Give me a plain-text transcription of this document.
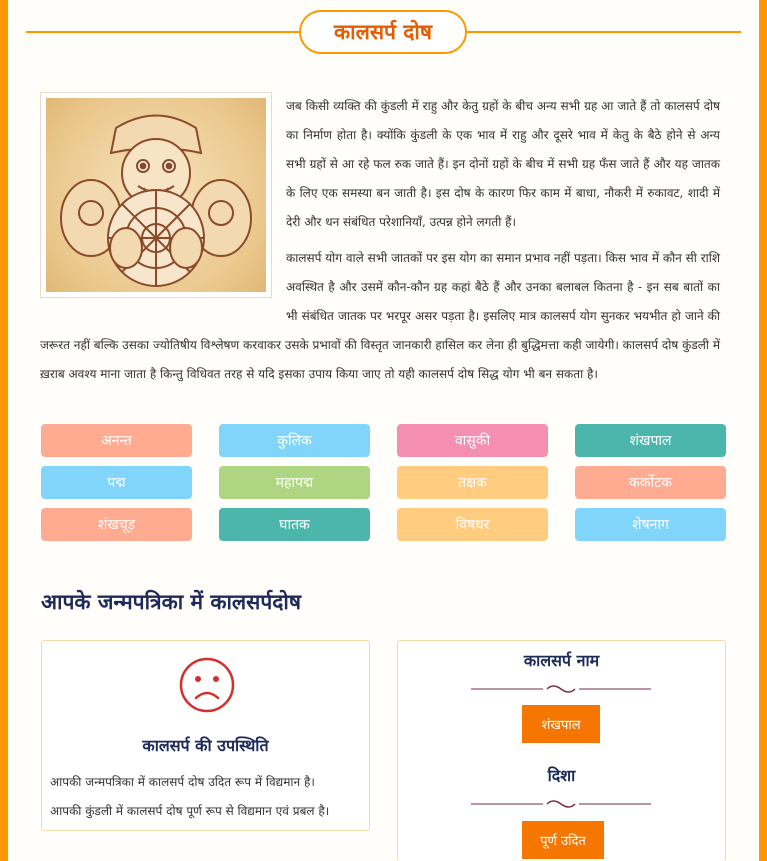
कालसर्प दोष

जब किसी व्यक्ति की कुंडली में राहु और केतु ग्रहों के बीच अन्य सभी ग्रह आ जाते हैं तो कालसर्प दोष का निर्माण होता है। क्योंकि कुंडली के एक भाव में राहु और दूसरे भाव में केतु के बैठे होने से अन्य सभी ग्रहों से आ रहे फल रुक जाते हैं। इन दोनों ग्रहों के बीच में सभी ग्रह फँस जाते हैं और यह जातक के लिए एक समस्या बन जाती है। इस दोष के कारण फिर काम में बाधा, नौकरी में रुकावट, शादी में देरी और धन संबंधित परेशानियाँ, उत्पन्न होने लगती हैं।

कालसर्प योग वाले सभी जातकों पर इस योग का समान प्रभाव नहीं पड़ता। किस भाव में कौन सी राशि अवस्थित है और उसमें कौन-कौन ग्रह कहां बैठे हैं और उनका बलाबल कितना है - इन सब बातों का भी संबंधित जातक पर भरपूर असर पड़ता है। इसलिए मात्र कालसर्प योग सुनकर भयभीत हो जाने की जरूरत नहीं बल्कि उसका ज्योतिषीय विश्लेषण करवाकर उसके प्रभावों की विस्तृत जानकारी हासिल कर लेना ही बुद्धिमत्ता कही जायेगी। कालसर्प दोष कुंडली में ख़राब अवश्य माना जाता है किन्तु विधिवत तरह से यदि इसका उपाय किया जाए तो यही कालसर्प दोष सिद्ध योग भी बन सकता है।

अनन्त	कुलिक	वासुकी	शंखपाल
पद्म	महापद्म	तक्षक	कर्कोटक
शंखचूड़	घातक	विषधर	शेषनाग
आपके जन्मपत्रिका में कालसर्पदोष
कालसर्प की उपस्थिति
आपकी जन्मपत्रिका में कालसर्प दोष उदित रूप में विद्यमान है।
आपकी कुंडली में कालसर्प दोष पूर्ण रूप से विद्यमान एवं प्रबल है।
कालसर्प नाम
शंखपाल
दिशा
पूर्ण उदित
